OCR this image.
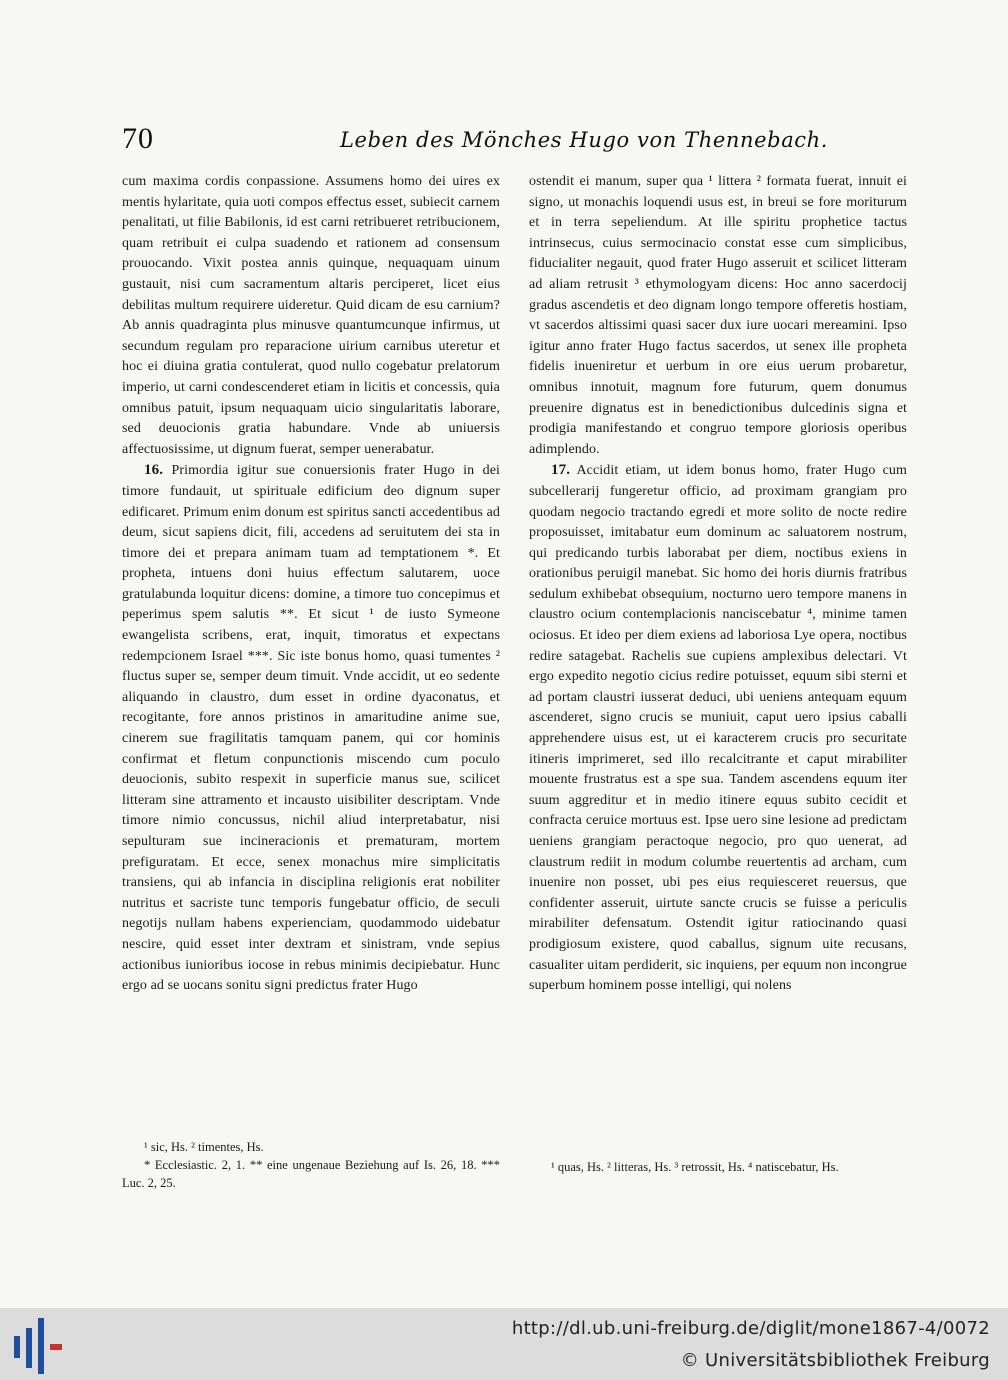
70	Leben des Mönches Hugo von Thennebach.

cum maxima cordis conpassione. Assumens homo dei uires ex mentis hylaritate, quia uoti compos effectus esset, subiecit carnem penalitati, ut filie Babilonis, id est carni retribueret retribucionem, quam retribuit ei culpa suadendo et rationem ad consensum prouocando. Vixit postea annis quinque, nequaquam uinum gustauit, nisi cum sacramentum altaris perciperet, licet eius debilitas multum requirere uideretur. Quid dicam de esu carnium? Ab annis quadraginta plus minusve quantumcunque infirmus, ut secundum regulam pro reparacione uirium carnibus uteretur et hoc ei diuina gratia contulerat, quod nullo cogebatur prelatorum imperio, ut carni condescenderet etiam in licitis et concessis, quia omnibus patuit, ipsum nequaquam uicio singularitatis laborare, sed deuocionis gratia habundare. Vnde ab uniuersis affectuosissime, ut dignum fuerat, semper uenerabatur.

16. Primordia igitur sue conuersionis frater Hugo in dei timore fundauit, ut spirituale edificium deo dignum super edificaret. Primum enim donum est spiritus sancti accedentibus ad deum, sicut sapiens dicit, fili, accedens ad seruitutem dei sta in timore dei et prepara animam tuam ad temptationem *. Et propheta, intuens doni huius effectum salutarem, uoce gratulabunda loquitur dicens: domine, a timore tuo concepimus et peperimus spem salutis **. Et sicut ¹ de iusto Symeone ewangelista scribens, erat, inquit, timoratus et expectans redempcionem Israel ***. Sic iste bonus homo, quasi tumentes ² fluctus super se, semper deum timuit. Vnde accidit, ut eo sedente aliquando in claustro, dum esset in ordine dyaconatus, et recogitante, fore annos pristinos in amaritudine anime sue, cinerem sue fragilitatis tamquam panem, qui cor hominis confirmat et fletum conpunctionis miscendo cum poculo deuocionis, subito respexit in superficie manus sue, scilicet litteram sine attramento et incausto uisibiliter descriptam. Vnde timore nimio concussus, nichil aliud interpretabatur, nisi sepulturam sue incineracionis et prematuram, mortem prefiguratam. Et ecce, senex monachus mire simplicitatis transiens, qui ab infancia in disciplina religionis erat nobiliter nutritus et sacriste tunc temporis fungebatur officio, de seculi negotijs nullam habens experienciam, quodammodo uidebatur nescire, quid esset inter dextram et sinistram, vnde sepius actionibus iunioribus iocose in rebus minimis decipiebatur. Hunc ergo ad se uocans sonitu signi predictus frater Hugo

ostendit ei manum, super qua ¹ littera ² formata fuerat, innuit ei signo, ut monachis loquendi usus est, in breui se fore moriturum et in terra sepeliendum. At ille spiritu prophetice tactus intrinsecus, cuius sermocinacio constat esse cum simplicibus, fiducialiter negauit, quod frater Hugo asseruit et scilicet litteram ad aliam retrusit ³ ethymologyam dicens: Hoc anno sacerdocij gradus ascendetis et deo dignam longo tempore offeretis hostiam, vt sacerdos altissimi quasi sacer dux iure uocari mereamini. Ipso igitur anno frater Hugo factus sacerdos, ut senex ille propheta fidelis inueniretur et uerbum in ore eius uerum probaretur, omnibus innotuit, magnum fore futurum, quem donumus preuenire dignatus est in benedictionibus dulcedinis signa et prodigia manifestando et congruo tempore gloriosis operibus adimplendo.

17. Accidit etiam, ut idem bonus homo, frater Hugo cum subcellerarij fungeretur officio, ad proximam grangiam pro quodam negocio tractando egredi et more solito de nocte redire proposuisset, imitabatur eum dominum ac saluatorem nostrum, qui predicando turbis laborabat per diem, noctibus exiens in orationibus peruigil manebat. Sic homo dei horis diurnis fratribus sedulum exhibebat obsequium, nocturno uero tempore manens in claustro ocium contemplacionis nanciscebatur ⁴, minime tamen ociosus. Et ideo per diem exiens ad laboriosa Lye opera, noctibus redire satagebat. Rachelis sue cupiens amplexibus delectari. Vt ergo expedito negotio cicius redire potuisset, equum sibi sterni et ad portam claustri iusserat deduci, ubi ueniens antequam equum ascenderet, signo crucis se muniuit, caput uero ipsius caballi apprehendere uisus est, ut ei karacterem crucis pro securitate itineris imprimeret, sed illo recalcitrante et caput mirabiliter mouente frustratus est a spe sua. Tandem ascendens equum iter suum aggreditur et in medio itinere equus subito cecidit et confracta ceruice mortuus est. Ipse uero sine lesione ad predictam ueniens grangiam peractoque negocio, pro quo uenerat, ad claustrum rediit in modum columbe reuertentis ad archam, cum inuenire non posset, ubi pes eius requiesceret reuersus, que confidenter asseruit, uirtute sancte crucis se fuisse a periculis mirabiliter defensatum. Ostendit igitur ratiocinando quasi prodigiosum existere, quod caballus, signum uite recusans, casualiter uitam perdiderit, sic inquiens, per equum non incongrue superbum hominem posse intelligi, qui nolens

¹ sic, Hs. ² timentes, Hs.

* Ecclesiastic. 2, 1. ** eine ungenaue Beziehung auf Is. 26, 18. *** Luc. 2, 25.

¹ quas, Hs. ² litteras, Hs. ³ retrossit, Hs. ⁴ natiscebatur, Hs.

http://dl.ub.uni-freiburg.de/diglit/mone1867-4/0072
© Universitätsbibliothek Freiburg
